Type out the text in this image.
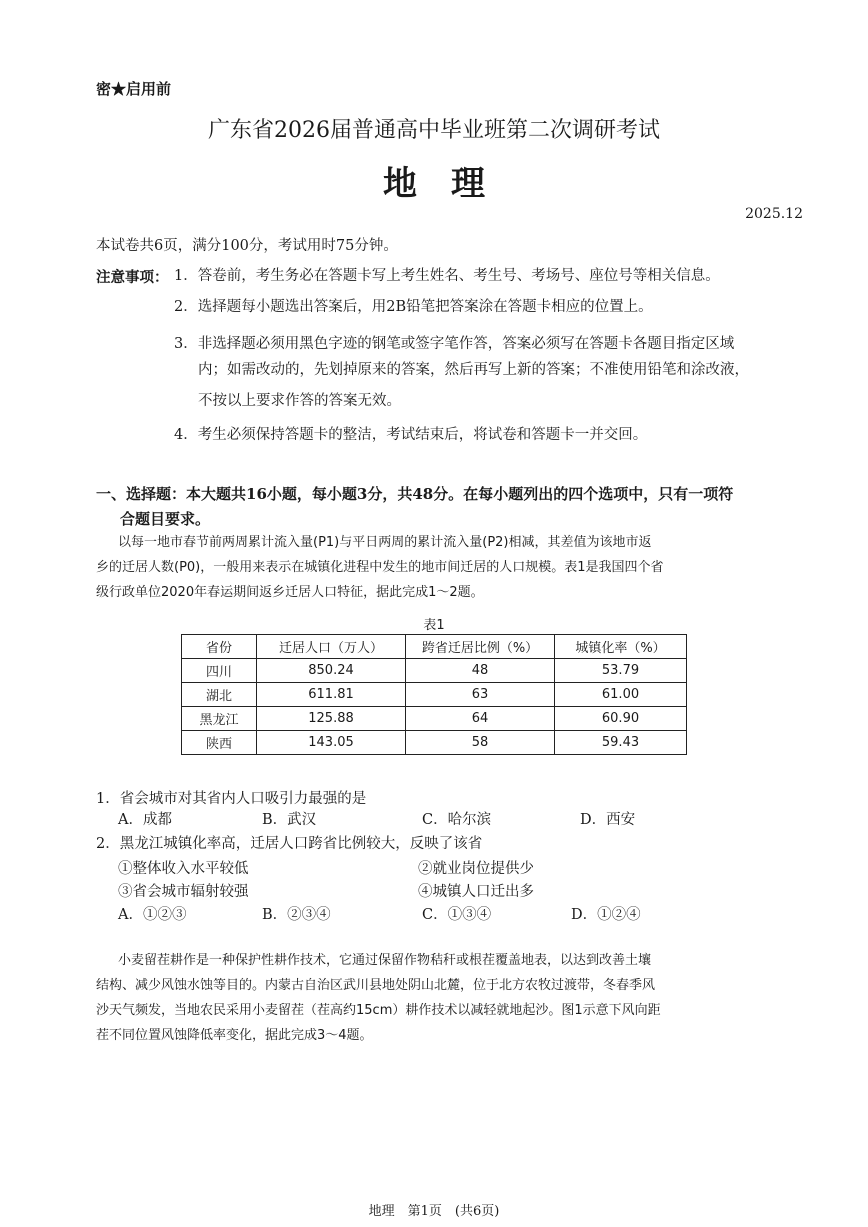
密★启用前
广东省2026届普通高中毕业班第二次调研考试
地理
2025.12
本试卷共6页，满分100分，考试用时75分钟。
注意事项： 1．答卷前，考生务必在答题卡写上考生姓名、考生号、考场号、座位号等相关信息。
2．选择题每小题选出答案后，用2B铅笔把答案涂在答题卡相应的位置上。
3．非选择题必须用黑色字迹的钢笔或签字笔作答，答案必须写在答题卡各题目指定区域
内；如需改动的，先划掉原来的答案，然后再写上新的答案；不准使用铅笔和涂改液，
不按以上要求作答的答案无效。
4．考生必须保持答题卡的整洁，考试结束后，将试卷和答题卡一并交回。
一、选择题：本大题共16小题，每小题3分，共48分。在每小题列出的四个选项中，只有一项符
合题目要求。
以每一地市春节前两周累计流入量(P1)与平日两周的累计流入量(P2)相减，其差值为该地市返
乡的迁居人数(P0)，一般用来表示在城镇化进程中发生的地市间迁居的人口规模。表1是我国四个省
级行政单位2020年春运期间返乡迁居人口特征，据此完成1～2题。
表1
省份	迁居人口（万人）	跨省迁居比例（%）	城镇化率（%）
四川	850.24	48	53.79
湖北	611.81	63	61.00
黑龙江	125.88	64	60.90
陕西	143.05	58	59.43
1．省会城市对其省内人口吸引力最强的是
A．成都	B．武汉	C．哈尔滨	D．西安
2．黑龙江城镇化率高，迁居人口跨省比例较大，反映了该省
①整体收入水平较低	②就业岗位提供少
③省会城市辐射较强	④城镇人口迁出多
A．①②③	B．②③④	C．①③④	D．①②④
小麦留茬耕作是一种保护性耕作技术，它通过保留作物秸秆或根茬覆盖地表，以达到改善土壤
结构、减少风蚀水蚀等目的。内蒙古自治区武川县地处阴山北麓，位于北方农牧过渡带，冬春季风
沙天气频发，当地农民采用小麦留茬（茬高约15cm）耕作技术以减轻就地起沙。图1示意下风向距
茬不同位置风蚀降低率变化，据此完成3～4题。
地理　第1页　(共6页)
